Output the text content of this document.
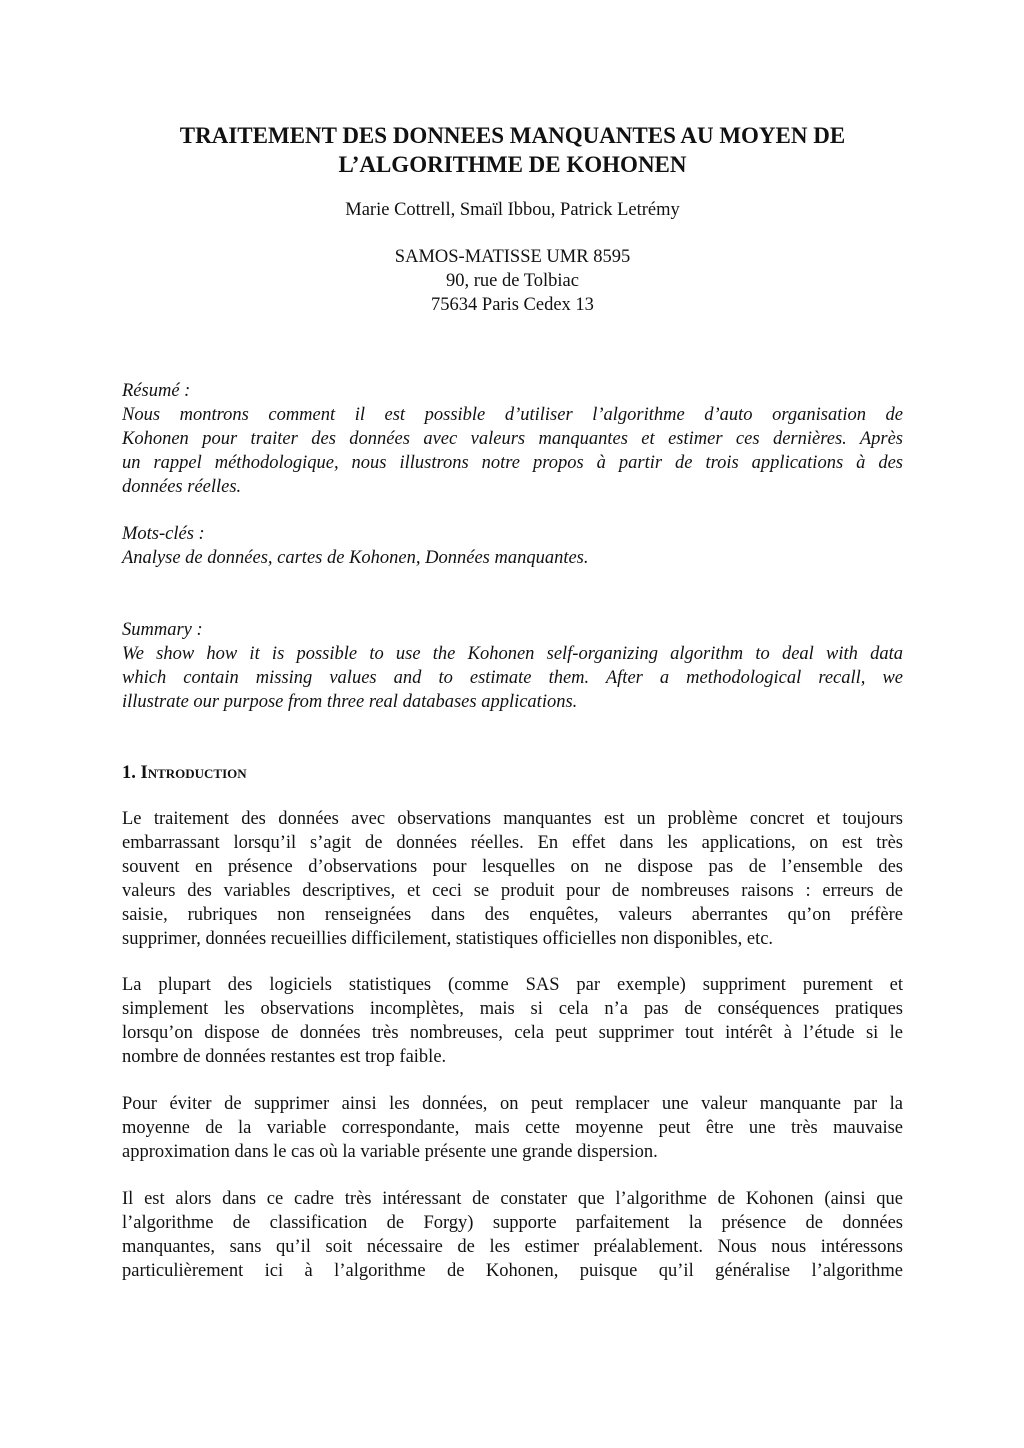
TRAITEMENT DES DONNEES MANQUANTES AU MOYEN DE
L’ALGORITHME DE KOHONEN

Marie Cottrell, Smaïl Ibbou, Patrick Letrémy

SAMOS-MATISSE UMR 8595
90, rue de Tolbiac
75634 Paris Cedex 13

Résumé :
Nous montrons comment il est possible d’utiliser l’algorithme d’auto organisation de
Kohonen pour traiter des données avec valeurs manquantes et estimer ces dernières. Après
un rappel méthodologique, nous illustrons notre propos à partir de trois applications à des
données réelles.
Mots-clés :
Analyse de données, cartes de Kohonen, Données manquantes.
Summary :
We show how it is possible to use the Kohonen self-organizing algorithm to deal with data
which contain missing values and to estimate them. After a methodological recall, we
illustrate our purpose from three real databases applications.
1. Introduction
Le traitement des données avec observations manquantes est un problème concret et toujours
embarrassant lorsqu’il s’agit de données réelles. En effet dans les applications, on est très
souvent en présence d’observations pour lesquelles on ne dispose pas de l’ensemble des
valeurs des variables descriptives, et ceci se produit pour de nombreuses raisons : erreurs de
saisie, rubriques non renseignées dans des enquêtes, valeurs aberrantes qu’on préfère
supprimer, données recueillies difficilement, statistiques officielles non disponibles, etc.
La plupart des logiciels statistiques (comme SAS par exemple) suppriment purement et
simplement les observations incomplètes, mais si cela n’a pas de conséquences pratiques
lorsqu’on dispose de données très nombreuses, cela peut supprimer tout intérêt à l’étude si le
nombre de données restantes est trop faible.
Pour éviter de supprimer ainsi les données, on peut remplacer une valeur manquante par la
moyenne de la variable correspondante, mais cette moyenne peut être une très mauvaise
approximation dans le cas où la variable présente une grande dispersion.
Il est alors dans ce cadre très intéressant de constater que l’algorithme de Kohonen (ainsi que
l’algorithme de classification de Forgy) supporte parfaitement la présence de données
manquantes, sans qu’il soit nécessaire de les estimer préalablement. Nous nous intéressons
particulièrement ici à l’algorithme de Kohonen, puisque qu’il généralise l’algorithme
